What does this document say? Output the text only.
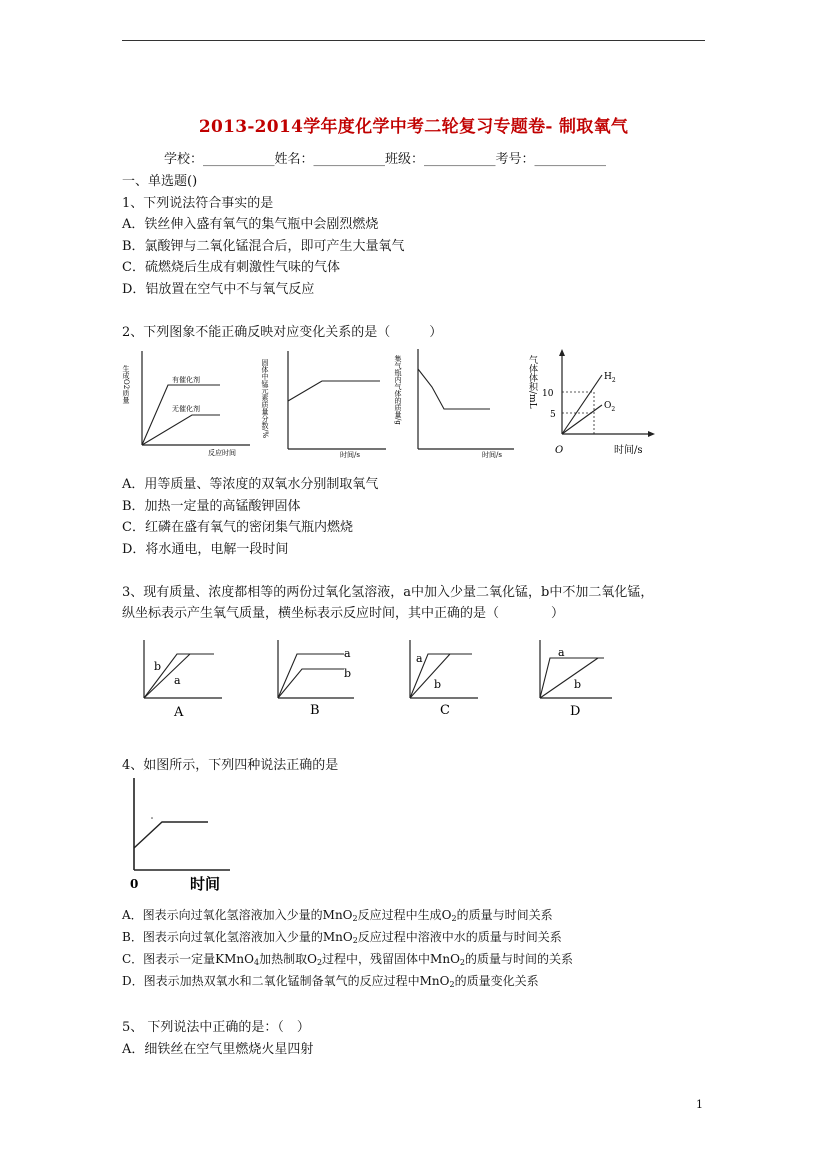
2013-2014学年度化学中考二轮复习专题卷- 制取氧气
学校：___________姓名：___________班级：___________考号：___________
一、单选题()
1、下列说法符合事实的是
A．铁丝伸入盛有氧气的集气瓶中会剧烈燃烧
B．氯酸钾与二氧化锰混合后，即可产生大量氧气
C．硫燃烧后生成有刺激性气味的气体
D．铝放置在空气中不与氧气反应
2、下列图象不能正确反映对应变化关系的是（　　　）
生成O2质量	有催化剂
无催化剂
反应时间
固体中锰元素质量分数/%
时间/s
集气瓶内气体的质量/g
时间/s
气体体积/mL 10
5
O
$H_2$
$O_2$
时间/s
A．用等质量、等浓度的双氧水分别制取氧气
B．加热一定量的高锰酸钾固体
C．红磷在盛有氧气的密闭集气瓶内燃烧
D．将水通电，电解一段时间
3、现有质量、浓度都相等的两份过氧化氢溶液，a中加入少量二氧化锰，b中不加二氧化锰，
纵坐标表示产生氧气质量，横坐标表示反应时间，其中正确的是（　　　　）
b
a
A
a
b
B
a
b
C
a
b
D
4、如图所示，下列四种说法正确的是
0	时间
A．图表示向过氧化氢溶液加入少量的MnO$_2$反应过程中生成$O_2$的质量与时间关系
B．图表示向过氧化氢溶液加入少量的MnO$_2$反应过程中溶液中水的质量与时间关系
C．图表示一定量KMnO$_4$加热制取$O_2$过程中，残留固体中MnO$_2$的质量与时间的关系
D．图表示加热双氧水和二氧化锰制备氧气的反应过程中MnO$_2$的质量变化关系
5、 下列说法中正确的是：（　）
A．细铁丝在空气里燃烧火星四射
1
